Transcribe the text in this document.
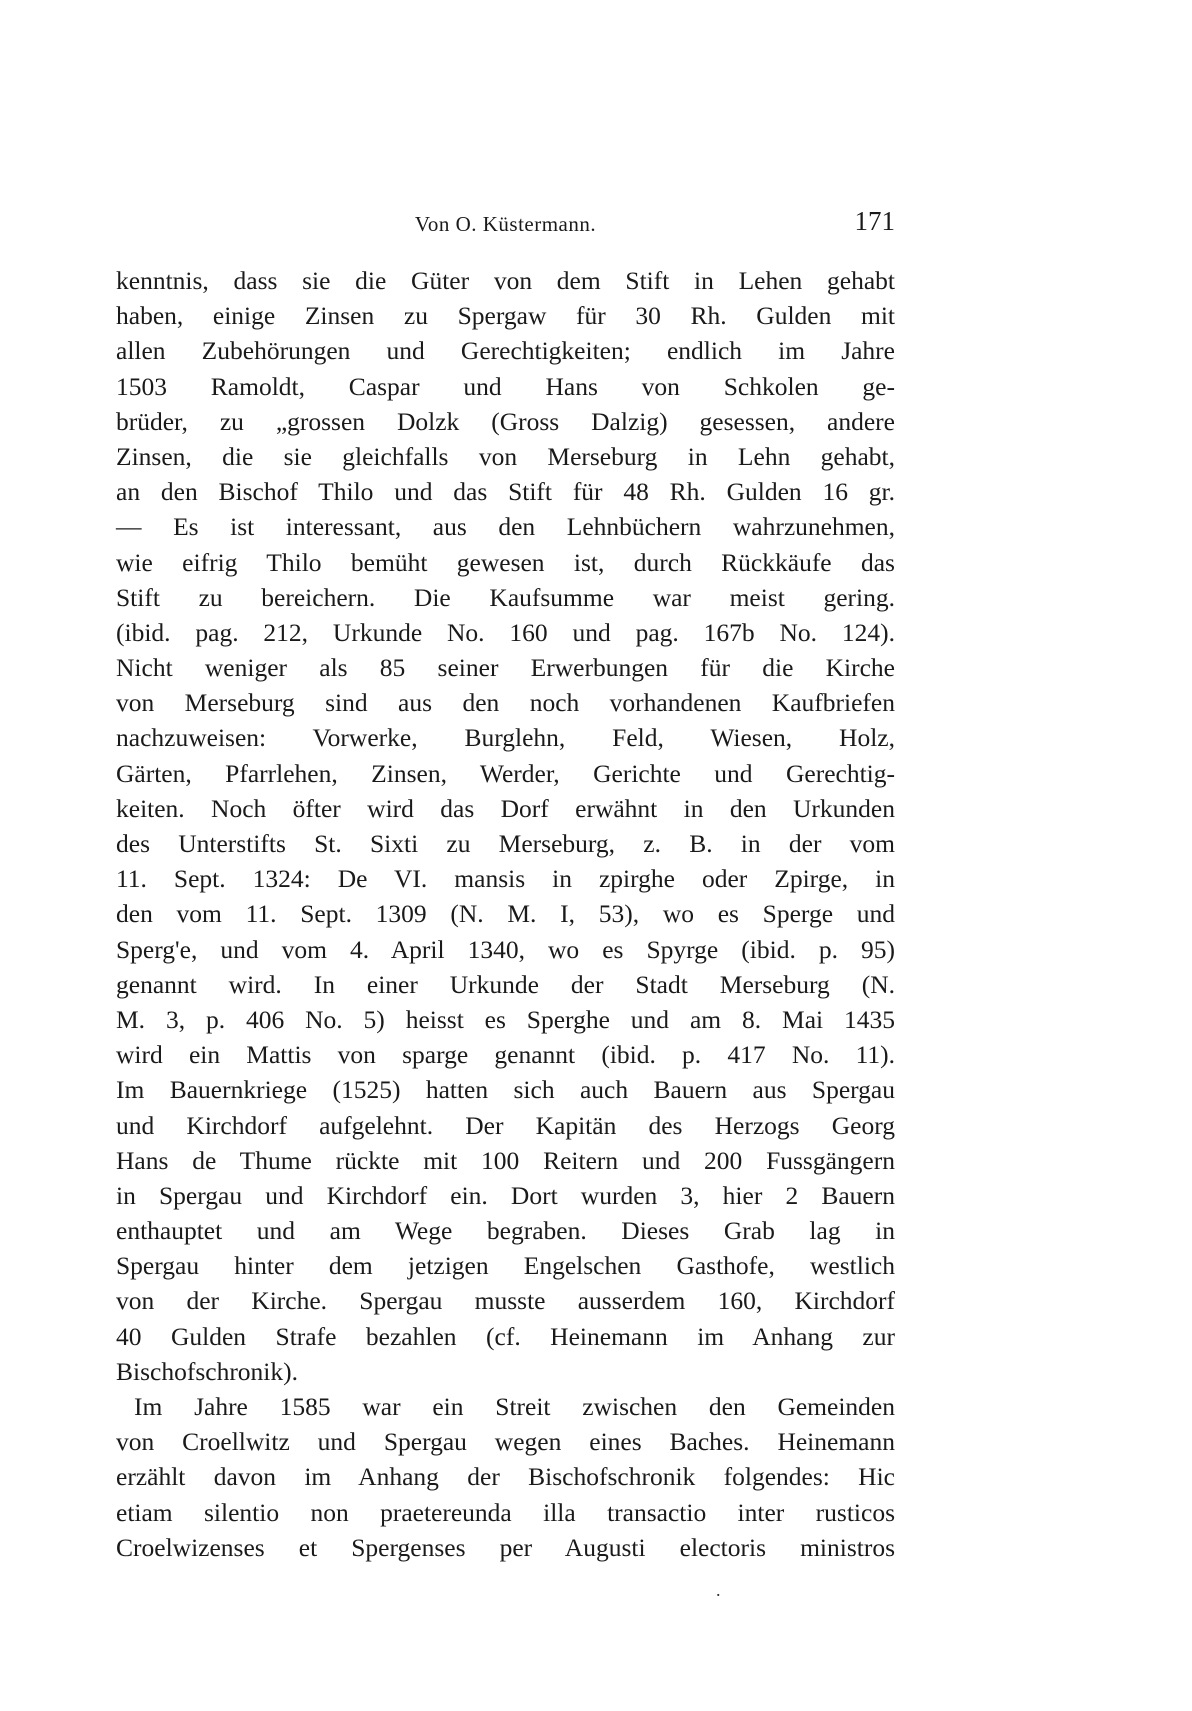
Von O. Küstermann.	171
kenntnis, dass sie die Güter von dem Stift in Lehen gehabt
haben, einige Zinsen zu Spergaw für 30 Rh. Gulden mit
allen Zubehörungen und Gerechtigkeiten; endlich im Jahre
1503 Ramoldt, Caspar und Hans von Schkolen ge-
brüder, zu „grossen Dolzk (Gross Dalzig) gesessen, andere
Zinsen, die sie gleichfalls von Merseburg in Lehn gehabt,
an den Bischof Thilo und das Stift für 48 Rh. Gulden 16 gr.
— Es ist interessant, aus den Lehnbüchern wahrzunehmen,
wie eifrig Thilo bemüht gewesen ist, durch Rückkäufe das
Stift zu bereichern. Die Kaufsumme war meist gering.
(ibid. pag. 212, Urkunde No. 160 und pag. 167b No. 124).
Nicht weniger als 85 seiner Erwerbungen für die Kirche
von Merseburg sind aus den noch vorhandenen Kaufbriefen
nachzuweisen: Vorwerke, Burglehn, Feld, Wiesen, Holz,
Gärten, Pfarrlehen, Zinsen, Werder, Gerichte und Gerechtig-
keiten. Noch öfter wird das Dorf erwähnt in den Urkunden
des Unterstifts St. Sixti zu Merseburg, z. B. in der vom
11. Sept. 1324: De VI. mansis in zpirghe oder Zpirge, in
den vom 11. Sept. 1309 (N. M. I, 53), wo es Sperge und
Sperg'e, und vom 4. April 1340, wo es Spyrge (ibid. p. 95)
genannt wird. In einer Urkunde der Stadt Merseburg (N.
M. 3, p. 406 No. 5) heisst es Sperghe und am 8. Mai 1435
wird ein Mattis von sparge genannt (ibid. p. 417 No. 11).
Im Bauernkriege (1525) hatten sich auch Bauern aus Spergau
und Kirchdorf aufgelehnt. Der Kapitän des Herzogs Georg
Hans de Thume rückte mit 100 Reitern und 200 Fussgängern
in Spergau und Kirchdorf ein. Dort wurden 3, hier 2 Bauern
enthauptet und am Wege begraben. Dieses Grab lag in
Spergau hinter dem jetzigen Engelschen Gasthofe, westlich
von der Kirche. Spergau musste ausserdem 160, Kirchdorf
40 Gulden Strafe bezahlen (cf. Heinemann im Anhang zur
Bischofschronik).
Im Jahre 1585 war ein Streit zwischen den Gemeinden
von Croellwitz und Spergau wegen eines Baches. Heinemann
erzählt davon im Anhang der Bischofschronik folgendes: Hic
etiam silentio non praetereunda illa transactio inter rusticos
Croelwizenses et Spergenses per Augusti electoris ministros
.
